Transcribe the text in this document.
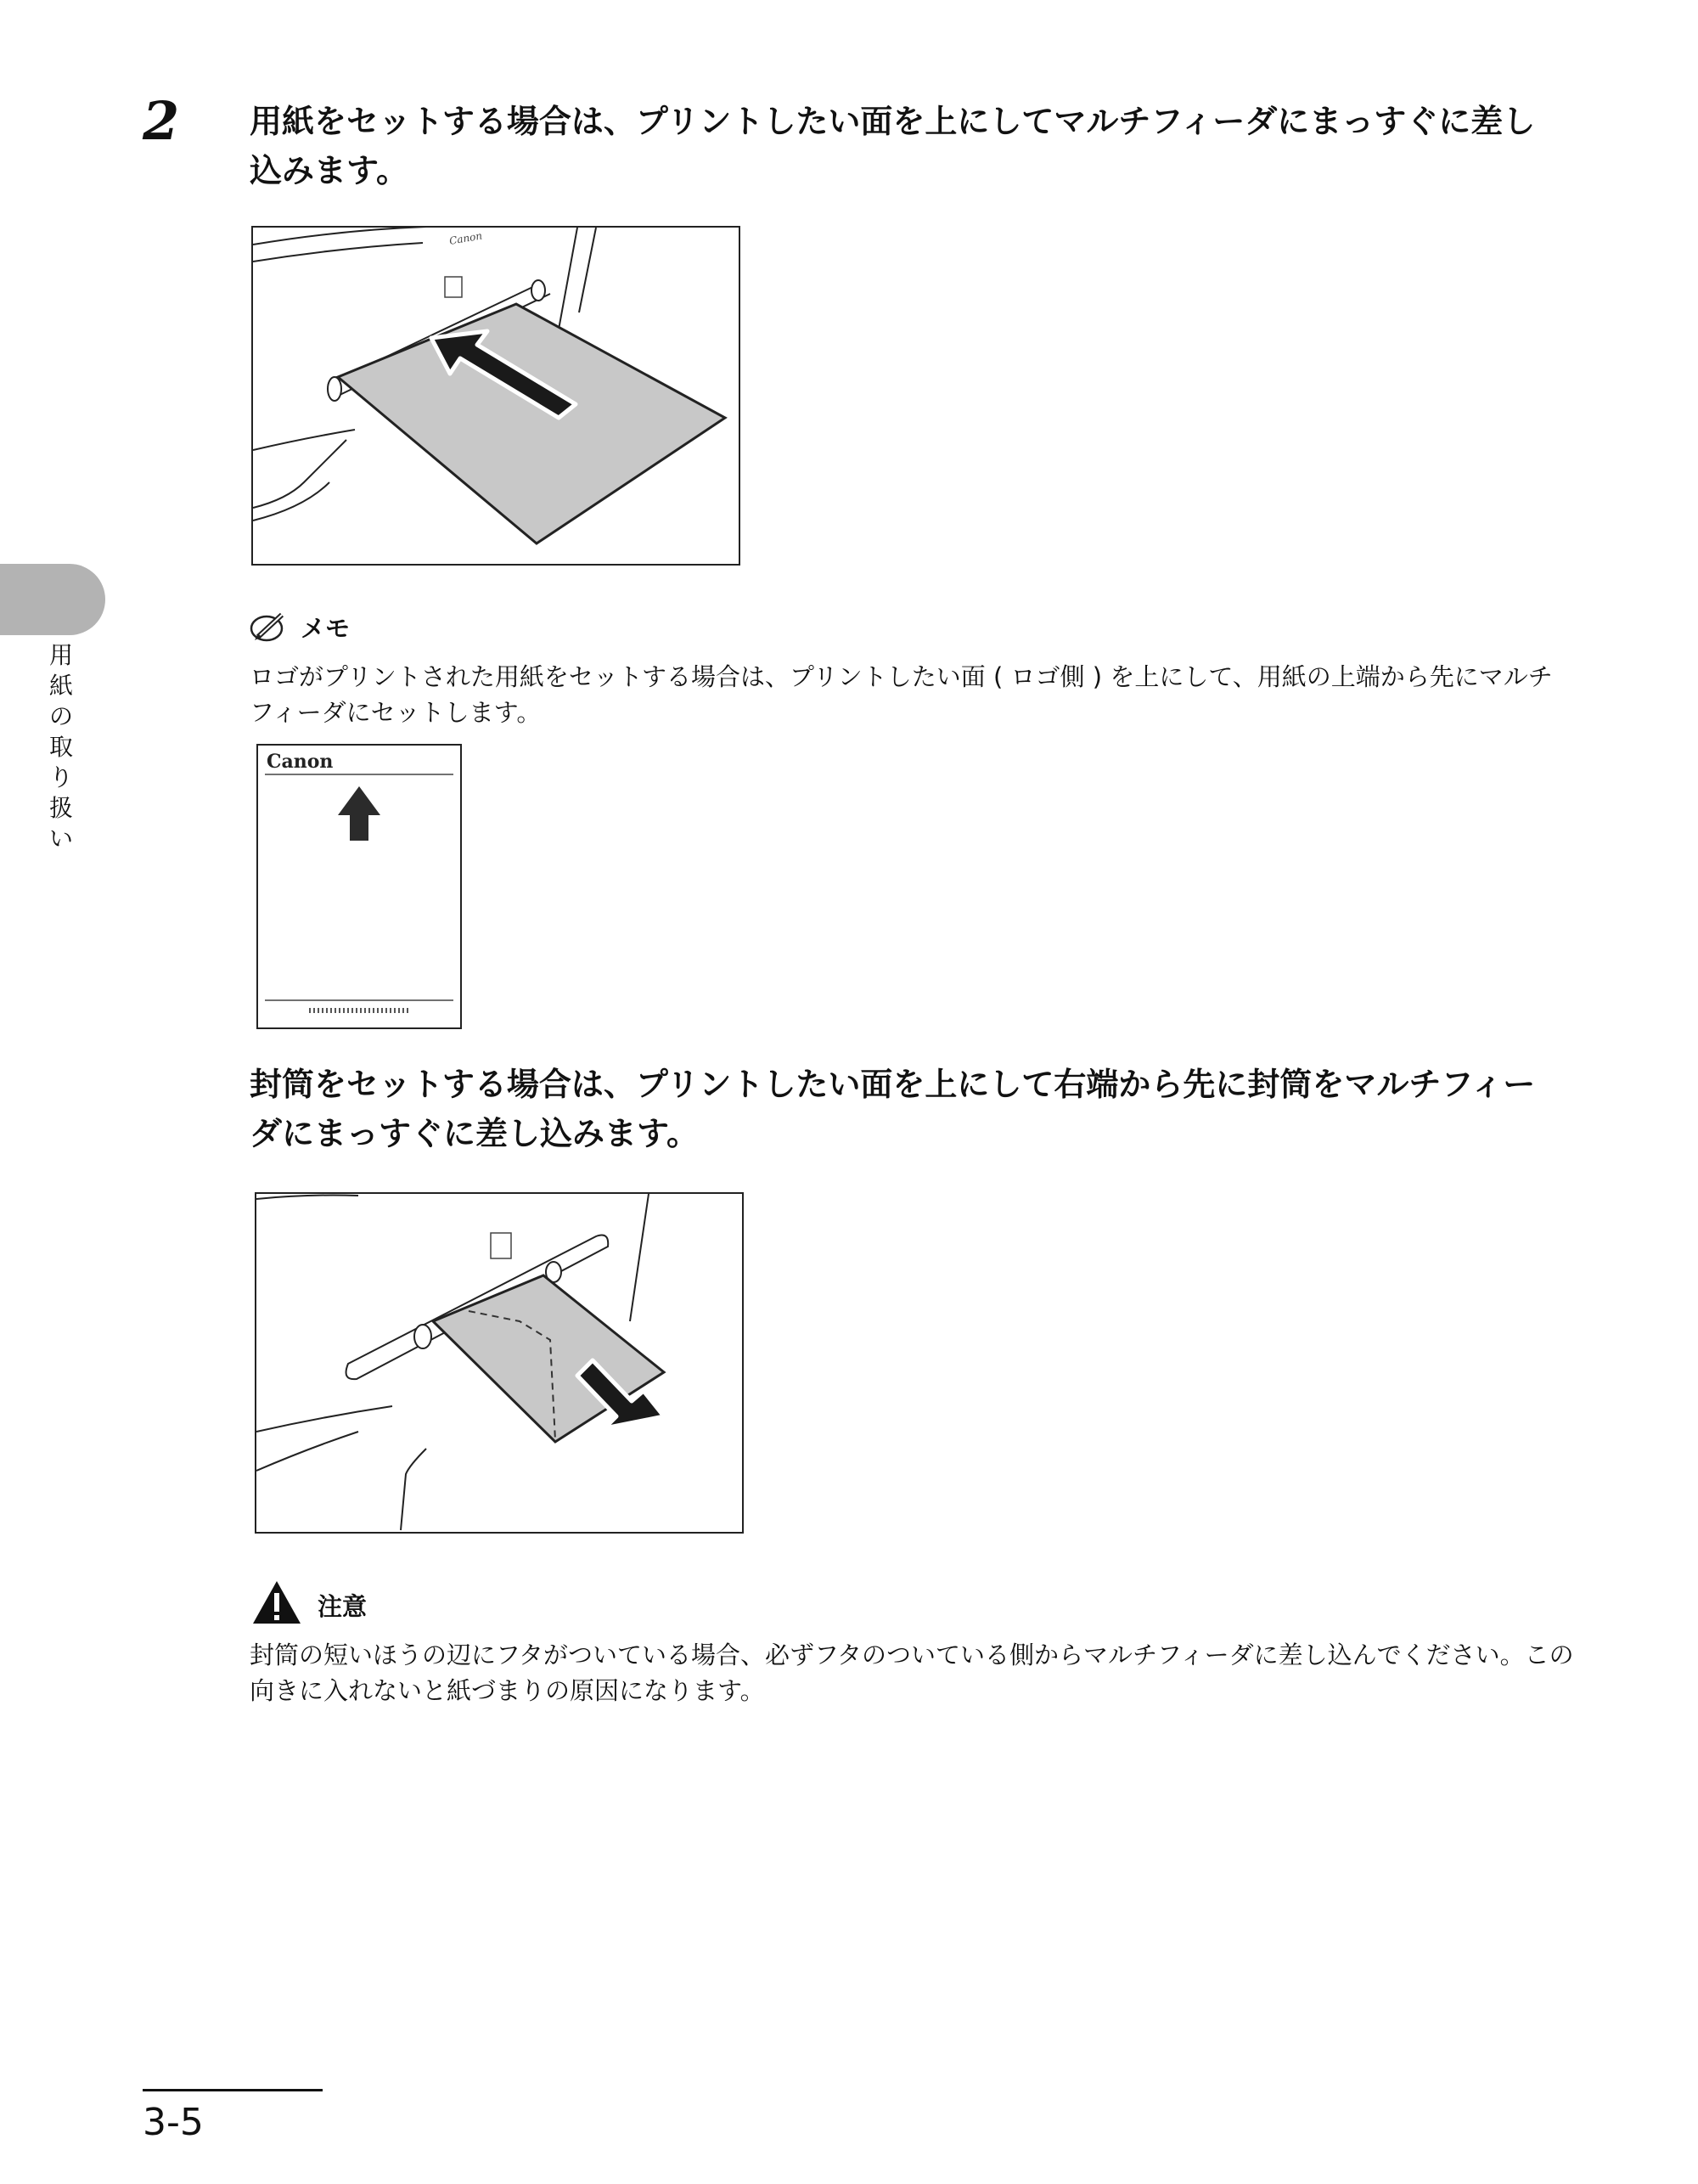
2	用紙をセットする場合は、プリントしたい面を上にしてマルチフィーダにまっすぐに差し込みます。
Canon
メモ
ロゴがプリントされた用紙をセットする場合は、プリントしたい面 ( ロゴ側 ) を上にして、用紙の上端から先にマルチフィーダにセットします。
Canon
封筒をセットする場合は、プリントしたい面を上にして右端から先に封筒をマルチフィーダにまっすぐに差し込みます。
注意
封筒の短いほうの辺にフタがついている場合、必ずフタのついている側からマルチフィーダに差し込んでください。この向きに入れないと紙づまりの原因になります。
用紙の取り扱い
3-5
